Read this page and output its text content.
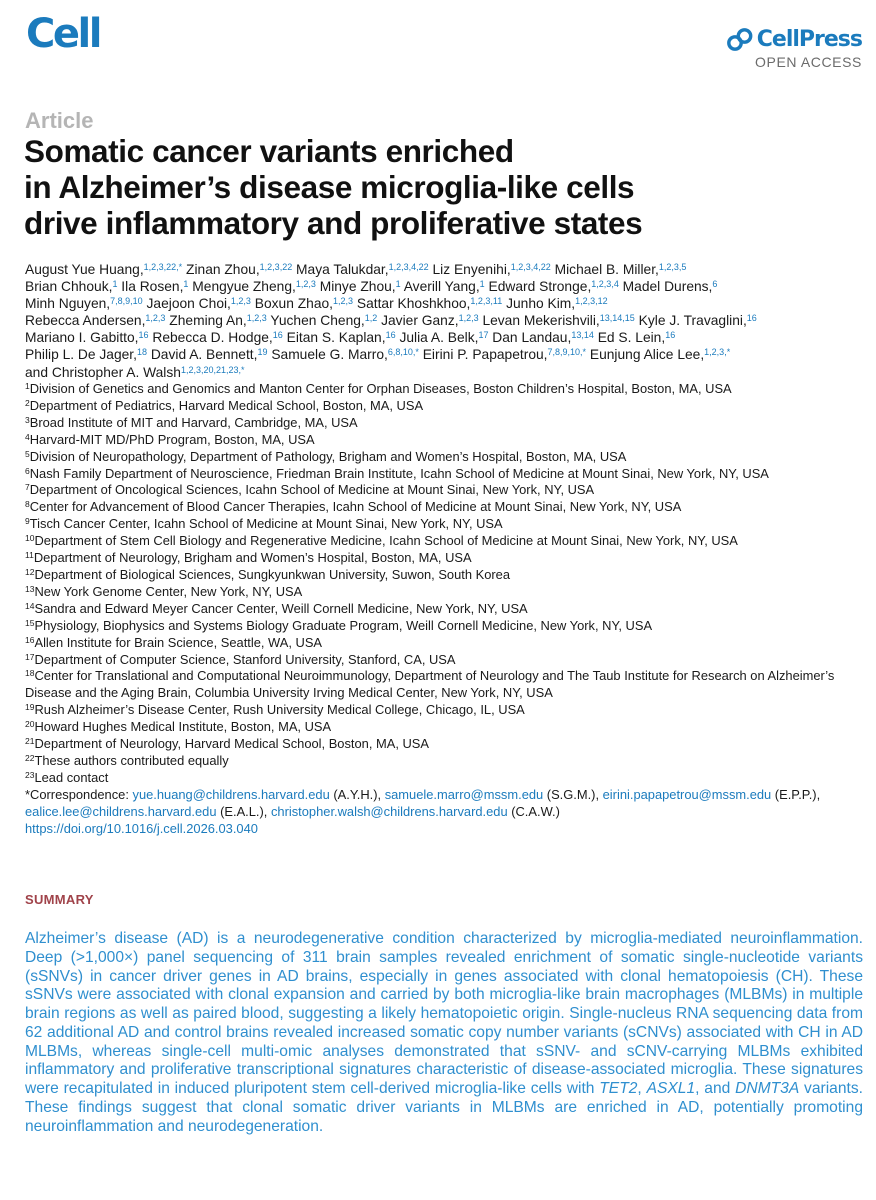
Cell	CellPress
OPEN ACCESS
Article
Somatic cancer variants enriched
in Alzheimer’s disease microglia-like cells
drive inflammatory and proliferative states
August Yue Huang,$^{1,2,3,22,*}$ Zinan Zhou,$^{1,2,3,22}$ Maya Talukdar,$^{1,2,3,4,22}$ Liz Enyenihi,$^{1,2,3,4,22}$ Michael B. Miller,$^{1,2,3,5}$
Brian Chhouk,$^1$ Ila Rosen,$^1$ Mengyue Zheng,$^{1,2,3}$ Minye Zhou,$^1$ Averill Yang,$^1$ Edward Stronge,$^{1,2,3,4}$ Madel Durens,$^6$
Minh Nguyen,$^{7,8,9,10}$ Jaejoon Choi,$^{1,2,3}$ Boxun Zhao,$^{1,2,3}$ Sattar Khoshkhoo,$^{1,2,3,11}$ Junho Kim,$^{1,2,3,12}$
Rebecca Andersen,$^{1,2,3}$ Zheming An,$^{1,2,3}$ Yuchen Cheng,$^{1,2}$ Javier Ganz,$^{1,2,3}$ Levan Mekerishvili,$^{13,14,15}$ Kyle J. Travaglini,$^{16}$
Mariano I. Gabitto,$^{16}$ Rebecca D. Hodge,$^{16}$ Eitan S. Kaplan,$^{16}$ Julia A. Belk,$^{17}$ Dan Landau,$^{13,14}$ Ed S. Lein,$^{16}$
Philip L. De Jager,$^{18}$ David A. Bennett,$^{19}$ Samuele G. Marro,$^{6,8,10,*}$ Eirini P. Papapetrou,$^{7,8,9,10,*}$ Eunjung Alice Lee,$^{1,2,3,*}$
and Christopher A. Walsh$^{1,2,3,20,21,23,*}$
$^1$Division of Genetics and Genomics and Manton Center for Orphan Diseases, Boston Children’s Hospital, Boston, MA, USA
$^2$Department of Pediatrics, Harvard Medical School, Boston, MA, USA
$^3$Broad Institute of MIT and Harvard, Cambridge, MA, USA
$^4$Harvard-MIT MD/PhD Program, Boston, MA, USA
$^5$Division of Neuropathology, Department of Pathology, Brigham and Women’s Hospital, Boston, MA, USA
$^6$Nash Family Department of Neuroscience, Friedman Brain Institute, Icahn School of Medicine at Mount Sinai, New York, NY, USA
$^7$Department of Oncological Sciences, Icahn School of Medicine at Mount Sinai, New York, NY, USA
$^8$Center for Advancement of Blood Cancer Therapies, Icahn School of Medicine at Mount Sinai, New York, NY, USA
$^9$Tisch Cancer Center, Icahn School of Medicine at Mount Sinai, New York, NY, USA
$^{10}$Department of Stem Cell Biology and Regenerative Medicine, Icahn School of Medicine at Mount Sinai, New York, NY, USA
$^{11}$Department of Neurology, Brigham and Women’s Hospital, Boston, MA, USA
$^{12}$Department of Biological Sciences, Sungkyunkwan University, Suwon, South Korea
$^{13}$New York Genome Center, New York, NY, USA
$^{14}$Sandra and Edward Meyer Cancer Center, Weill Cornell Medicine, New York, NY, USA
$^{15}$Physiology, Biophysics and Systems Biology Graduate Program, Weill Cornell Medicine, New York, NY, USA
$^{16}$Allen Institute for Brain Science, Seattle, WA, USA
$^{17}$Department of Computer Science, Stanford University, Stanford, CA, USA
$^{18}$Center for Translational and Computational Neuroimmunology, Department of Neurology and The Taub Institute for Research on Alzheimer’s Disease and the Aging Brain, Columbia University Irving Medical Center, New York, NY, USA
$^{19}$Rush Alzheimer’s Disease Center, Rush University Medical College, Chicago, IL, USA
$^{20}$Howard Hughes Medical Institute, Boston, MA, USA
$^{21}$Department of Neurology, Harvard Medical School, Boston, MA, USA
$^{22}$These authors contributed equally
$^{23}$Lead contact
*Correspondence: yue.huang@childrens.harvard.edu (A.Y.H.), samuele.marro@mssm.edu (S.G.M.), eirini.papapetrou@mssm.edu (E.P.P.), ealice.lee@childrens.harvard.edu (E.A.L.), christopher.walsh@childrens.harvard.edu (C.A.W.)
https://doi.org/10.1016/j.cell.2026.03.040
SUMMARY
Alzheimer’s disease (AD) is a neurodegenerative condition characterized by microglia-mediated neuroinflammation. Deep (>1,000×) panel sequencing of 311 brain samples revealed enrichment of somatic single-nucleotide variants (sSNVs) in cancer driver genes in AD brains, especially in genes associated with clonal hematopoiesis (CH). These sSNVs were associated with clonal expansion and carried by both microglia-like brain macrophages (MLBMs) in multiple brain regions as well as paired blood, suggesting a likely hematopoietic origin. Single-nucleus RNA sequencing data from 62 additional AD and control brains revealed increased somatic copy number variants (sCNVs) associated with CH in AD MLBMs, whereas single-cell multi-omic analyses demonstrated that sSNV- and sCNV-carrying MLBMs exhibited inflammatory and proliferative transcriptional signatures characteristic of disease-associated microglia. These signatures were recapitulated in induced pluripotent stem cell-derived microglia-like cells with TET2, ASXL1, and DNMT3A variants. These findings suggest that clonal somatic driver variants in MLBMs are enriched in AD, potentially promoting neuroinflammation and neurodegeneration.
